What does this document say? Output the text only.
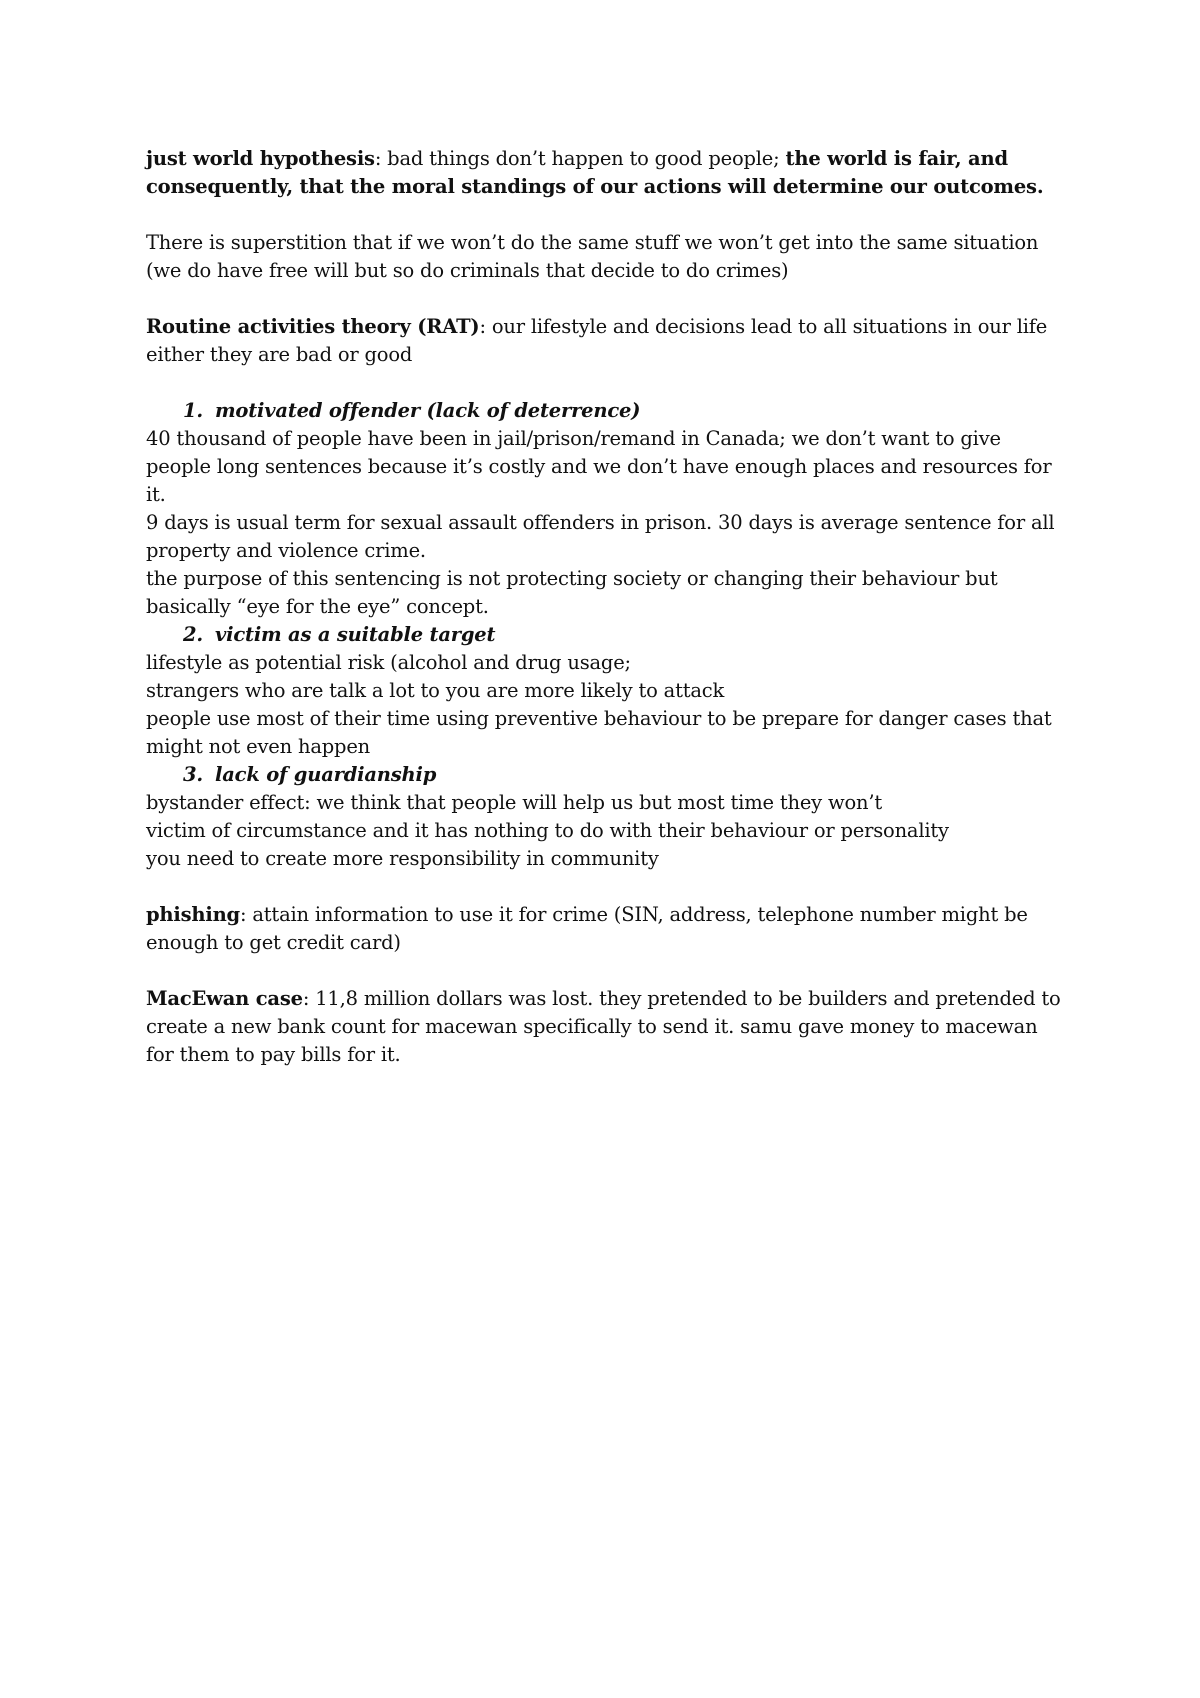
just world hypothesis: bad things don’t happen to good people; the world is fair, and consequently, that the moral standings of our actions will determine our outcomes.

There is superstition that if we won’t do the same stuff we won’t get into the same situation
(we do have free will but so do criminals that decide to do crimes)

Routine activities theory (RAT): our lifestyle and decisions lead to all situations in our life either they are bad or good

1. motivated offender (lack of deterrence)

40 thousand of people have been in jail/prison/remand in Canada; we don’t want to give people long sentences because it’s costly and we don’t have enough places and resources for it.

9 days is usual term for sexual assault offenders in prison. 30 days is average sentence for all property and violence crime.

the purpose of this sentencing is not protecting society or changing their behaviour but basically “eye for the eye” concept.

2. victim as a suitable target

lifestyle as potential risk (alcohol and drug usage;

strangers who are talk a lot to you are more likely to attack

people use most of their time using preventive behaviour to be prepare for danger cases that might not even happen

3. lack of guardianship

bystander effect: we think that people will help us but most time they won’t

victim of circumstance and it has nothing to do with their behaviour or personality

you need to create more responsibility in community

phishing: attain information to use it for crime (SIN, address, telephone number might be enough to get credit card)

MacEwan case: 11,8 million dollars was lost. they pretended to be builders and pretended to create a new bank count for macewan specifically to send it. samu gave money to macewan for them to pay bills for it.
